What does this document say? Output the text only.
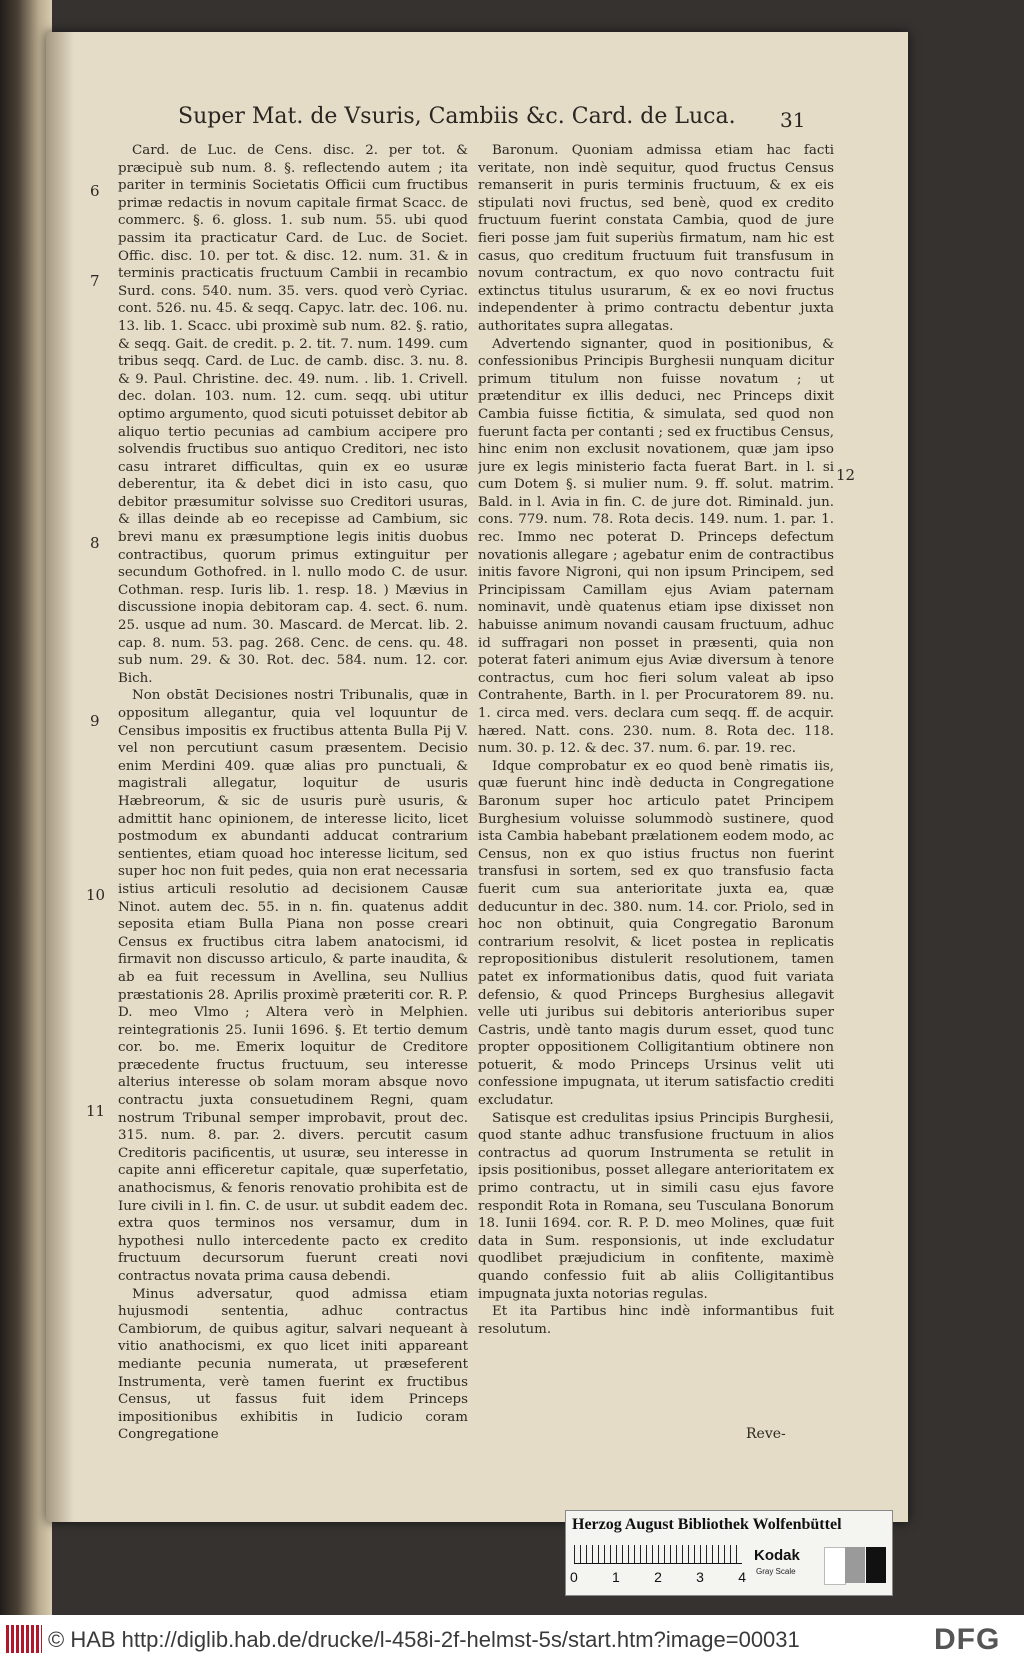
Super Mat. de Vsuris, Cambiis &c. Card. de Luca.	31

Card. de Luc. de Cens. disc. 2. per tot. & præcipuè sub num. 8. §. reflectendo autem ; ita pariter in terminis Societatis Officii cum fructibus primæ redactis in novum capitale firmat Scacc. de commerc. §. 6. gloss. 1. sub num. 55. ubi quod passim ita practicatur Card. de Luc. de Societ. Offic. disc. 10. per tot. & disc. 12. num. 31. & in terminis practicatis fructuum Cambii in recambio Surd. cons. 540. num. 35. vers. quod verò Cyriac. cont. 526. nu. 45. & seqq. Capyc. latr. dec. 106. nu. 13. lib. 1. Scacc. ubi proximè sub num. 82. §. ratio, & seqq. Gait. de credit. p. 2. tit. 7. num. 1499. cum tribus seqq. Card. de Luc. de camb. disc. 3. nu. 8. & 9. Paul. Christine. dec. 49. num. . lib. 1. Crivell. dec. dolan. 103. num. 12. cum. seqq. ubi utitur optimo argumento, quod sicuti potuisset debitor ab aliquo tertio pecunias ad cambium accipere pro solvendis fructibus suo antiquo Creditori, nec isto casu intraret difficultas, quin ex eo usuræ deberentur, ita & debet dici in isto casu, quo debitor præsumitur solvisse suo Creditori usuras, & illas deinde ab eo recepisse ad Cambium, sic brevi manu ex præsumptione legis initis duobus contractibus, quorum primus extinguitur per secundum Gothofred. in l. nullo modo C. de usur. Cothman. resp. Iuris lib. 1. resp. 18. ) Mævius in discussione inopia debitoram cap. 4. sect. 6. num. 25. usque ad num. 30. Mascard. de Mercat. lib. 2. cap. 8. num. 53. pag. 268. Cenc. de cens. qu. 48. sub num. 29. & 30. Rot. dec. 584. num. 12. cor. Bich.

Non obstāt Decisiones nostri Tribunalis, quæ in oppositum allegantur, quia vel loquuntur de Censibus impositis ex fructibus attenta Bulla Pij V. vel non percutiunt casum præsentem. Decisio enim Merdini 409. quæ alias pro punctuali, & magistrali allegatur, loquitur de usuris Hæbreorum, & sic de usuris purè usuris, & admittit hanc opinionem, de interesse licito, licet postmodum ex abundanti adducat contrarium sentientes, etiam quoad hoc interesse licitum, sed super hoc non fuit pedes, quia non erat necessaria istius articuli resolutio ad decisionem Causæ Ninot. autem dec. 55. in n. fin. quatenus addit seposita etiam Bulla Piana non posse creari Census ex fructibus citra labem anatocismi, id firmavit non discusso articulo, & parte inaudita, & ab ea fuit recessum in Avellina, seu Nullius præstationis 28. Aprilis proximè præteriti cor. R. P. D. meo Vlmo ; Altera verò in Melphien. reintegrationis 25. Iunii 1696. §. Et tertio demum cor. bo. me. Emerix loquitur de Creditore præcedente fructus fructuum, seu interesse alterius interesse ob solam moram absque novo contractu juxta consuetudinem Regni, quam nostrum Tribunal semper improbavit, prout dec. 315. num. 8. par. 2. divers. percutit casum Creditoris pacificentis, ut usuræ, seu interesse in capite anni efficeretur capitale, quæ superfetatio, anathocismus, & fenoris renovatio prohibita est de Iure civili in l. fin. C. de usur. ut subdit eadem dec. extra quos terminos nos versamur, dum in hypothesi nullo intercedente pacto ex credito fructuum decursorum fuerunt creati novi contractus novata prima causa debendi.

Minus adversatur, quod admissa etiam hujusmodi sententia, adhuc contractus Cambiorum, de quibus agitur, salvari nequeant à vitio anathocismi, ex quo licet initi appareant mediante pecunia numerata, ut præseferent Instrumenta, verè tamen fuerint ex fructibus Census, ut fassus fuit idem Princeps impositionibus exhibitis in Iudicio coram Congregatione

Baronum. Quoniam admissa etiam hac facti veritate, non indè sequitur, quod fructus Census remanserit in puris terminis fructuum, & ex eis stipulati novi fructus, sed benè, quod ex credito fructuum fuerint constata Cambia, quod de jure fieri posse jam fuit superiùs firmatum, nam hic est casus, quo creditum fructuum fuit transfusum in novum contractum, ex quo novo contractu fuit extinctus titulus usurarum, & ex eo novi fructus independenter à primo contractu debentur juxta authoritates supra allegatas.

Advertendo signanter, quod in positionibus, & confessionibus Principis Burghesii nunquam dicitur primum titulum non fuisse novatum ; ut prætenditur ex illis deduci, nec Princeps dixit Cambia fuisse fictitia, & simulata, sed quod non fuerunt facta per contanti ; sed ex fructibus Census, hinc enim non exclusit novationem, quæ jam ipso jure ex legis ministerio facta fuerat Bart. in l. si cum Dotem §. si mulier num. 9. ff. solut. matrim. Bald. in l. Avia in fin. C. de jure dot. Riminald. jun. cons. 779. num. 78. Rota decis. 149. num. 1. par. 1. rec. Immo nec poterat D. Princeps defectum novationis allegare ; agebatur enim de contractibus initis favore Nigroni, qui non ipsum Principem, sed Principissam Camillam ejus Aviam paternam nominavit, undè quatenus etiam ipse dixisset non habuisse animum novandi causam fructuum, adhuc id suffragari non posset in præsenti, quia non poterat fateri animum ejus Aviæ diversum à tenore contractus, cum hoc fieri solum valeat ab ipso Contrahente, Barth. in l. per Procuratorem 89. nu. 1. circa med. vers. declara cum seqq. ff. de acquir. hæred. Natt. cons. 230. num. 8. Rota dec. 118. num. 30. p. 12. & dec. 37. num. 6. par. 19. rec.

Idque comprobatur ex eo quod benè rimatis iis, quæ fuerunt hinc indè deducta in Congregatione Baronum super hoc articulo patet Principem Burghesium voluisse solummodò sustinere, quod ista Cambia habebant prælationem eodem modo, ac Census, non ex quo istius fructus non fuerint transfusi in sortem, sed ex quo transfusio facta fuerit cum sua anterioritate juxta ea, quæ deducuntur in dec. 380. num. 14. cor. Priolo, sed in hoc non obtinuit, quia Congregatio Baronum contrarium resolvit, & licet postea in replicatis repropositionibus distulerit resolutionem, tamen patet ex informationibus datis, quod fuit variata defensio, & quod Princeps Burghesius allegavit velle uti juribus sui debitoris anterioribus super Castris, undè tanto magis durum esset, quod tunc propter oppositionem Colligitantium obtinere non potuerit, & modo Princeps Ursinus velit uti confessione impugnata, ut iterum satisfactio crediti excludatur.

Satisque est credulitas ipsius Principis Burghesii, quod stante adhuc transfusione fructuum in alios contractus ad quorum Instrumenta se retulit in ipsis positionibus, posset allegare anterioritatem ex primo contractu, ut in simili casu ejus favore respondit Rota in Romana, seu Tusculana Bonorum 18. Iunii 1694. cor. R. P. D. meo Molines, quæ fuit data in Sum. responsionis, ut inde excludatur quodlibet præjudicium in confitente, maximè quando confessio fuit ab aliis Colligitantibus impugnata juxta notorias regulas.

Et ita Partibus hinc indè informantibus fuit resolutum.

6
7
8
9
10
11
12
Reve-
Herzog August Bibliothek Wolfenbüttel
0 1 2 3 4
Kodak
Gray Scale
© HAB http://diglib.hab.de/drucke/l-458i-2f-helmst-5s/start.htm?image=00031	DFG
